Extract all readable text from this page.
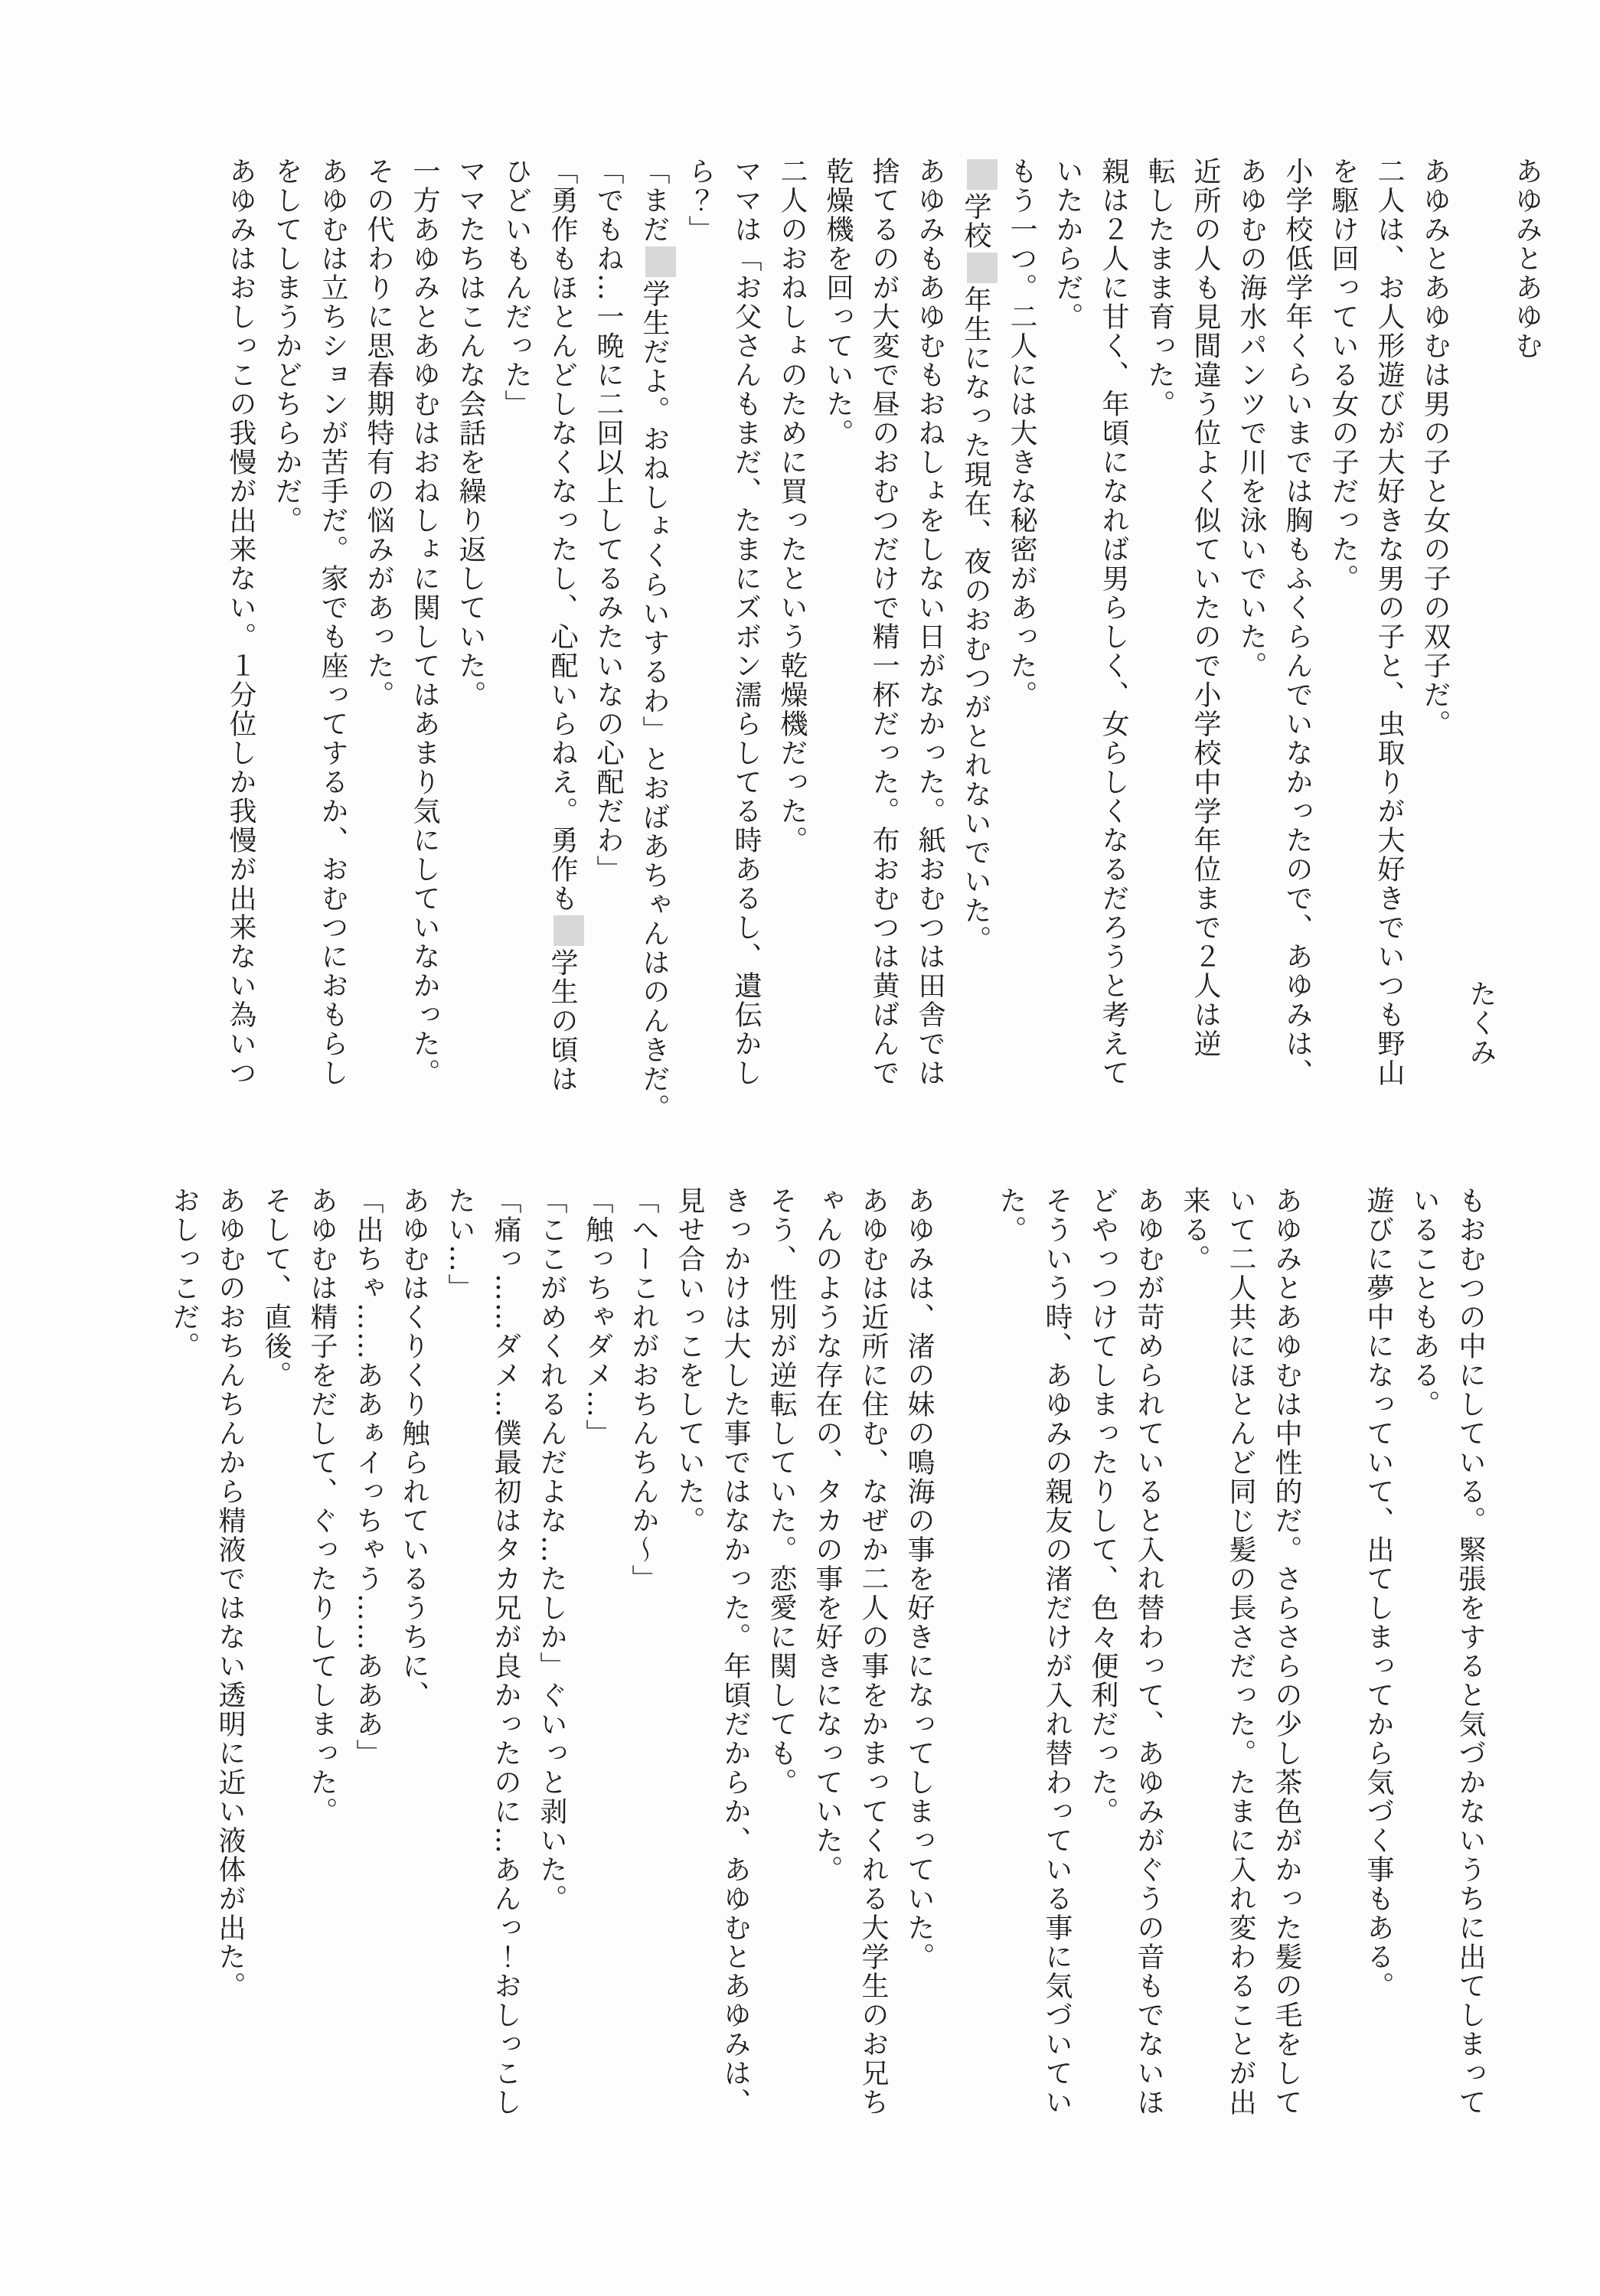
あゆみとあゆむ
たくみ
あゆみとあゆむは男の子と女の子の双子だ。
二人は、お人形遊びが大好きな男の子と、虫取りが大好きでいつも野山
を駆け回っている女の子だった。
小学校低学年くらいまでは胸もふくらんでいなかったので、あゆみは、
あゆむの海水パンツで川を泳いでいた。
近所の人も見間違う位よく似ていたので小学校中学年位まで２人は逆
転したまま育った。
親は２人に甘く、年頃になれば男らしく、女らしくなるだろうと考えて
いたからだ。
もう一つ。二人には大きな秘密があった。
学校年生になった現在、夜のおむつがとれないでいた。
あゆみもあゆむもおねしょをしない日がなかった。紙おむつは田舎では
捨てるのが大変で昼のおむつだけで精一杯だった。布おむつは黄ばんで
乾燥機を回っていた。
二人のおねしょのために買ったという乾燥機だった。
ママは「お父さんもまだ、たまにズボン濡らしてる時あるし、遺伝かし
ら？」
「まだ学生だよ。おねしょくらいするわ」とおばあちゃんはのんきだ。
「でもね…一晩に二回以上してるみたいなの心配だわ」
「勇作もほとんどしなくなったし、心配いらねえ。勇作も学生の頃は
ひどいもんだった」
ママたちはこんな会話を繰り返していた。
一方あゆみとあゆむはおねしょに関してはあまり気にしていなかった。
その代わりに思春期特有の悩みがあった。
あゆむは立ちションが苦手だ。家でも座ってするか、おむつにおもらし
をしてしまうかどちらかだ。
あゆみはおしっこの我慢が出来ない。１分位しか我慢が出来ない為いつ
もおむつの中にしている。緊張をすると気づかないうちに出てしまって
いることもある。
遊びに夢中になっていて、出てしまってから気づく事もある。
あゆみとあゆむは中性的だ。さらさらの少し茶色がかった髪の毛をして
いて二人共にほとんど同じ髪の長さだった。たまに入れ変わることが出
来る。
あゆむが苛められていると入れ替わって、あゆみがぐうの音もでないほ
どやっつけてしまったりして、色々便利だった。
そういう時、あゆみの親友の渚だけが入れ替わっている事に気づいてい
た。
あゆみは、渚の妹の鳴海の事を好きになってしまっていた。
あゆむは近所に住む、なぜか二人の事をかまってくれる大学生のお兄ち
ゃんのような存在の、タカの事を好きになっていた。
そう、性別が逆転していた。恋愛に関しても。
きっかけは大した事ではなかった。年頃だからか、あゆむとあゆみは、
見せ合いっこをしていた。
「へーこれがおちんちんか～」
「触っちゃダメ…」
「ここがめくれるんだよな…たしか」ぐいっと剥いた。
「痛っ……ダメ…僕最初はタカ兄が良かったのに…あんっ！おしっこし
たい…」
あゆむはくりくり触られているうちに、
「出ちゃ……ああぁイっちゃう……あああ」
あゆむは精子をだして、ぐったりしてしまった。
そして、直後。
あゆむのおちんちんから精液ではない透明に近い液体が出た。
おしっこだ。
